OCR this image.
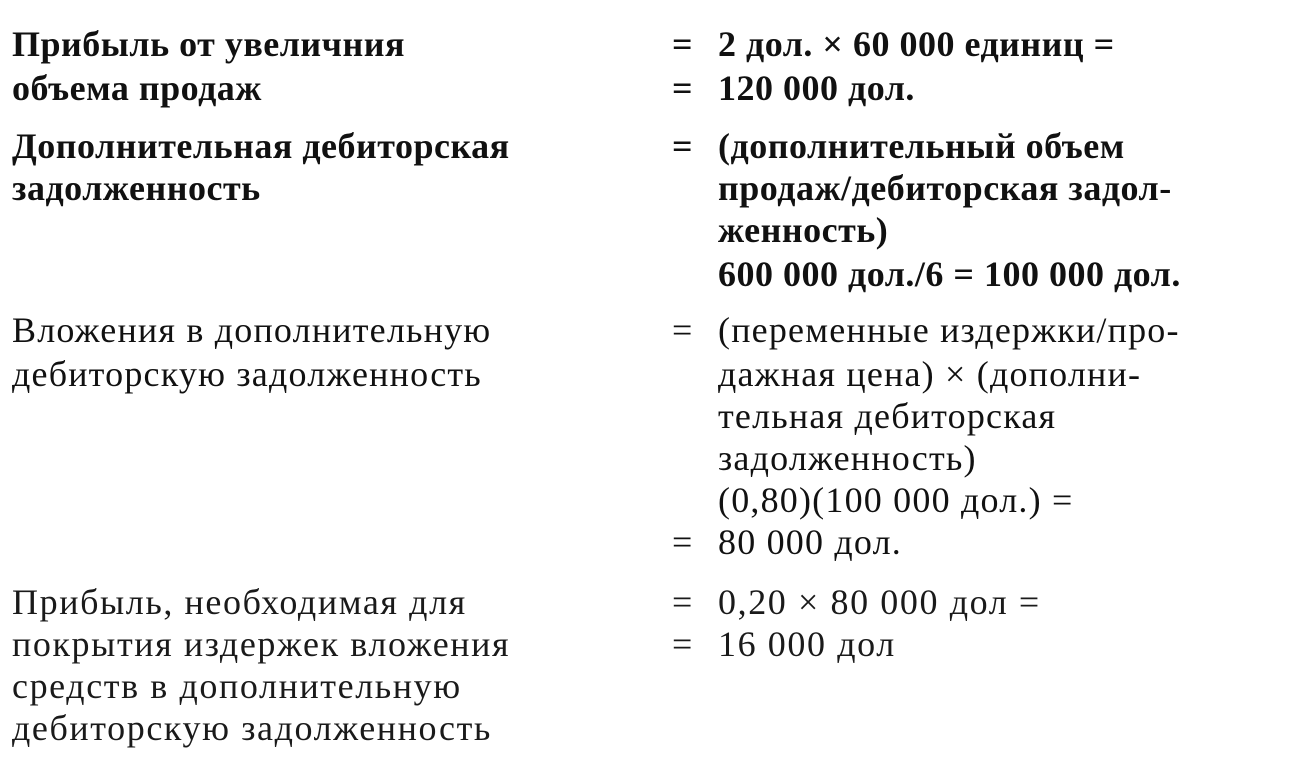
Прибыль от увеличния
объема продаж
= 2 дол. × 60 000 единиц =
= 120 000 дол.
Дополнительная дебиторская
задолженность
= (дополнительный объем
продаж/дебиторская задол-
женность)
600 000 дол./6 = 100 000 дол.
Вложения в дополнительную
дебиторскую задолженность
= (переменные издержки/про-
дажная цена) × (дополни-
тельная дебиторская
задолженность)
(0,80)(100 000 дол.) =
= 80 000 дол.
Прибыль, необходимая для
покрытия издержек вложения
средств в дополнительную
дебиторскую задолженность
= 0,20 × 80 000 дол =
= 16 000 дол
